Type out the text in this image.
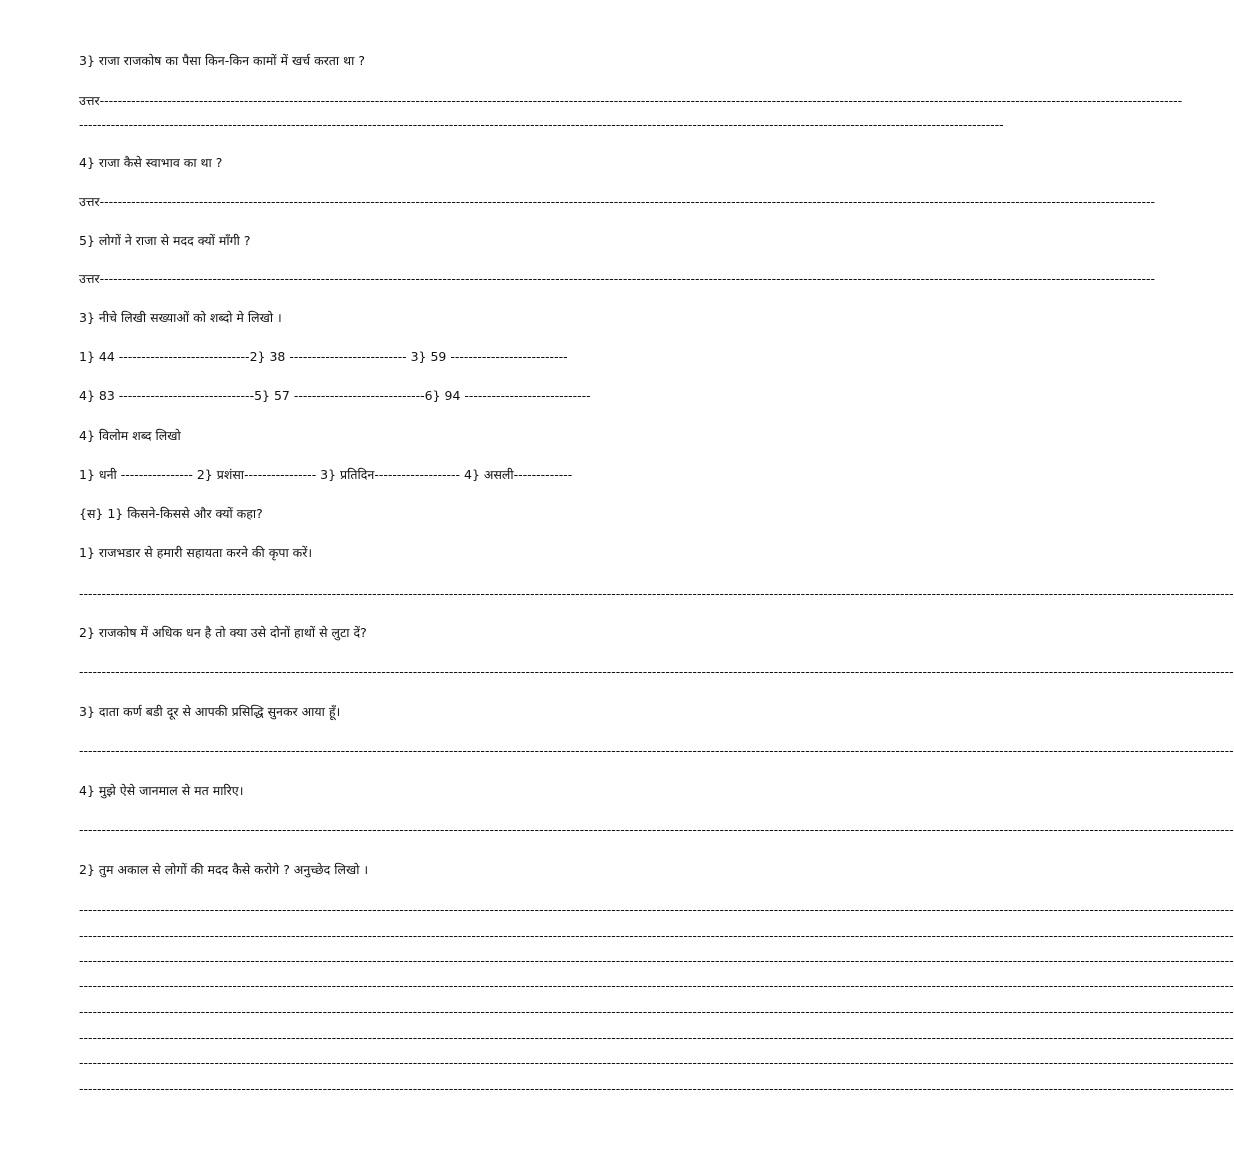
3} राजा राजकोष का पैसा किन-किन कामों में खर्च करता था ?
उत्तर------------------------------------------------------------------------------------------------------------------------------------------------------------------------------------------------------------------------------------------------
-------------------------------------------------------------------------------------------------------------------------------------------------------------------------------------------------------------
4} राजा कैसे स्वाभाव का था ?
उत्तर------------------------------------------------------------------------------------------------------------------------------------------------------------------------------------------------------------------------------------------
5} लोगों ने राजा से मदद क्यों माँगी ?
उत्तर------------------------------------------------------------------------------------------------------------------------------------------------------------------------------------------------------------------------------------------
3} नीचे लिखी सख्याओं को शब्दो मे लिखो ।
1} 44 -----------------------------2} 38 -------------------------- 3} 59 --------------------------
4} 83 ------------------------------5} 57 -----------------------------6} 94 ----------------------------
4} विलोम शब्द लिखो
1} धनी ---------------- 2} प्रशंसा---------------- 3} प्रतिदिन------------------- 4} असली-------------
{स} 1} किसने-किससे और क्यों कहा?
1} राजभडार से हमारी सहायता करने की कृपा करें।
----------------------------------------------------------------------------------------------------------------------------------------------------------------------------------------------------------------------------------------------------------------
2} राजकोष में अधिक धन है तो क्या उसे दोनों हाथों से लुटा दें?
----------------------------------------------------------------------------------------------------------------------------------------------------------------------------------------------------------------------------------------------------------------
3} दाता कर्ण बडी दूर से आपकी प्रसिद्धि सुनकर आया हूँ।
----------------------------------------------------------------------------------------------------------------------------------------------------------------------------------------------------------------------------------------------------------------
4} मुझे ऐसे जानमाल से मत मारिए।
----------------------------------------------------------------------------------------------------------------------------------------------------------------------------------------------------------------------------------------------------------------
2} तुम अकाल से लोगों की मदद कैसे करोगे ? अनुच्छेद लिखो ।
----------------------------------------------------------------------------------------------------------------------------------------------------------------------------------------------------------------------------------------------------------------
----------------------------------------------------------------------------------------------------------------------------------------------------------------------------------------------------------------------------------------------------------------
----------------------------------------------------------------------------------------------------------------------------------------------------------------------------------------------------------------------------------------------------------------
----------------------------------------------------------------------------------------------------------------------------------------------------------------------------------------------------------------------------------------------------------------
----------------------------------------------------------------------------------------------------------------------------------------------------------------------------------------------------------------------------------------------------------------
----------------------------------------------------------------------------------------------------------------------------------------------------------------------------------------------------------------------------------------------------------------
----------------------------------------------------------------------------------------------------------------------------------------------------------------------------------------------------------------------------------------------------------------
----------------------------------------------------------------------------------------------------------------------------------------------------------------------------------------------------------------------------------------------------------------
